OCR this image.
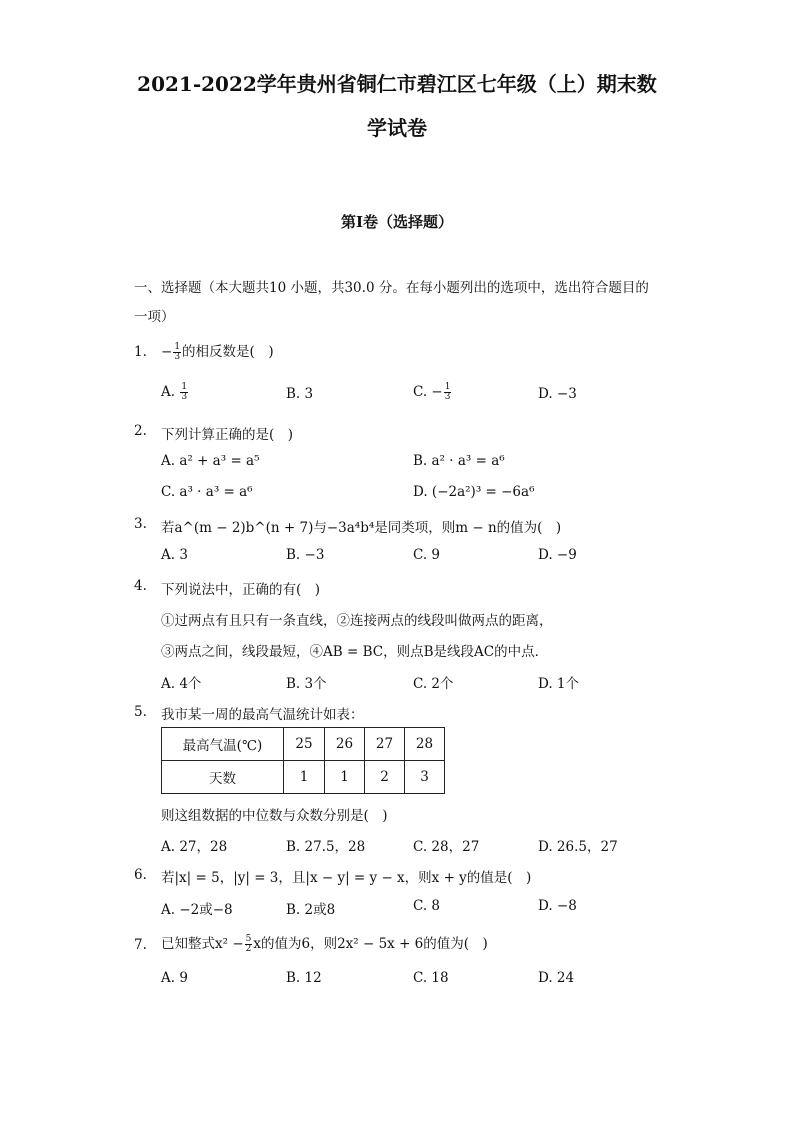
2021-2022学年贵州省铜仁市碧江区七年级（上）期末数
学试卷
第I卷（选择题）
一、选择题（本大题共10 小题，共30.0 分。在每小题列出的选项中，选出符合题目的
一项）
1. − $\frac{1}{3}$ 的相反数是(　)
A. $\frac{1}{3}$	B. 3	C. − $\frac{1}{3}$	D. −3
2. 下列计算正确的是(　)
A. a² + a³ = a⁵	B. a² · a³ = a⁶
C. a³ · a³ = a⁶	D. (−2a²)³ = −6a⁶
3. 若a^(m − 2)b^(n + 7)与−3a⁴b⁴是同类项，则m − n的值为(　)
A. 3	B. −3	C. 9	D. −9
4. 下列说法中，正确的有(　)
①过两点有且只有一条直线，②连接两点的线段叫做两点的距离，
③两点之间，线段最短，④AB = BC，则点B是线段AC的中点．
A. 4个	B. 3个	C. 2个	D. 1个
5. 我市某一周的最高气温统计如表：
最高气温(℃)	25	26	27	28
天数	1	1	2	3
则这组数据的中位数与众数分别是(　)
A. 27，28	B. 27.5，28	C. 28，27	D. 26.5，27
6. 若|x| = 5，|y| = 3，且|x − y| = y − x，则x + y的值是(　)
A. −2或−8	B. 2或8	C. 8	D. −8
7. 已知整式$x^2 - \frac{5}{2}$ x的值为6，则2x² − 5x + 6的值为(　)
A. 9	B. 12	C. 18	D. 24
